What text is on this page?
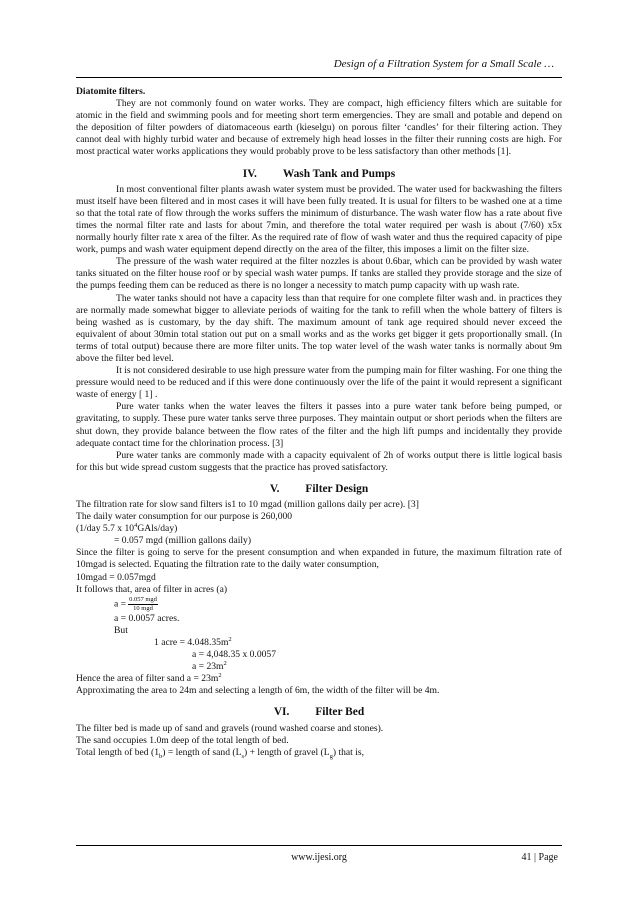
Design of a Filtration System for a Small Scale …

Diatomite filters.

They are not commonly found on water works. They are compact, high efficiency filters which are suitable for atomic in the field and swimming pools and for meeting short term emergencies. They are small and potable and depend on the deposition of filter powders of diatomaceous earth (kieselgu) on porous filter ‘candles’ for their filtering action. They cannot deal with highly turbid water and because of extremely high head losses in the filter their running costs are high. For most practical water works applications they would probably prove to be less satisfactory than other methods [1].

IV. Wash Tank and Pumps

In most conventional filter plants awash water system must be provided. The water used for backwashing the filters must itself have been filtered and in most cases it will have been fully treated. It is usual for filters to be washed one at a time so that the total rate of flow through the works suffers the minimum of disturbance. The wash water flow has a rate about five times the normal filter rate and lasts for about 7min, and therefore the total water required per wash is about (7/60) x5x normally hourly filter rate x area of the filter. As the required rate of flow of wash water and thus the required capacity of pipe work, pumps and wash water equipment depend directly on the area of the filter, this imposes a limit on the filter size.

The pressure of the wash water required at the filter nozzles is about 0.6bar, which can be provided by wash water tanks situated on the filter house roof or by special wash water pumps. If tanks are stalled they provide storage and the size of the pumps feeding them can be reduced as there is no longer a necessity to match pump capacity with up wash rate.

The water tanks should not have a capacity less than that require for one complete filter wash and. in practices they are normally made somewhat bigger to alleviate periods of waiting for the tank to refill when the whole battery of filters is being washed as is customary, by the day shift. The maximum amount of tank age required should never exceed the equivalent of about 30min total station out put on a small works and as the works get bigger it gets proportionally small. (In terms of total output) because there are more filter units. The top water level of the wash water tanks is normally about 9m above the filter bed level.

It is not considered desirable to use high pressure water from the pumping main for filter washing. For one thing the pressure would need to be reduced and if this were done continuously over the life of the paint it would represent a significant waste of energy [ 1] .

Pure water tanks when the water leaves the filters it passes into a pure water tank before being pumped, or gravitating, to supply. These pure water tanks serve three purposes. They maintain output or short periods when the filters are shut down, they provide balance between the flow rates of the filter and the high lift pumps and incidentally they provide adequate contact time for the chlorination process. [3]

Pure water tanks are commonly made with a capacity equivalent of 2h of works output there is little logical basis for this but wide spread custom suggests that the practice has proved satisfactory.

V. Filter Design

The filtration rate for slow sand filters is1 to 10 mgad (million gallons daily per acre). [3]

The daily water consumption for our purpose is 260,000

(1/day 5.7 x $10^4GAls/day$)

= 0.057 mgd (million gallons daily)

Since the filter is going to serve for the present consumption and when expanded in future, the maximum filtration rate of 10mgad is selected. Equating the filtration rate to the daily water consumption,

10mgad = 0.057mgd

It follows that, area of filter in acres (a)

$a = \frac{\text{0.057 mgd}}{\text{10 mgd}}$

a = 0.0057 acres.

But

1 acre = $4.048.35m^2$

a = 4,048.35 x 0.0057

$a = 23m^2$

Hence the area of filter sand $a = 23m^2$

Approximating the area to 24m and selecting a length of 6m, the width of the filter will be 4m.

VI. Filter Bed

The filter bed is made up of sand and gravels (round washed coarse and stones).

The sand occupies 1.0m deep of the total length of bed.

Total length of bed $(1_b)$ = length of sand $(L_s)$ + length of gravel $(L_g)$ that is,

www.ijesi.org	41 | Page
